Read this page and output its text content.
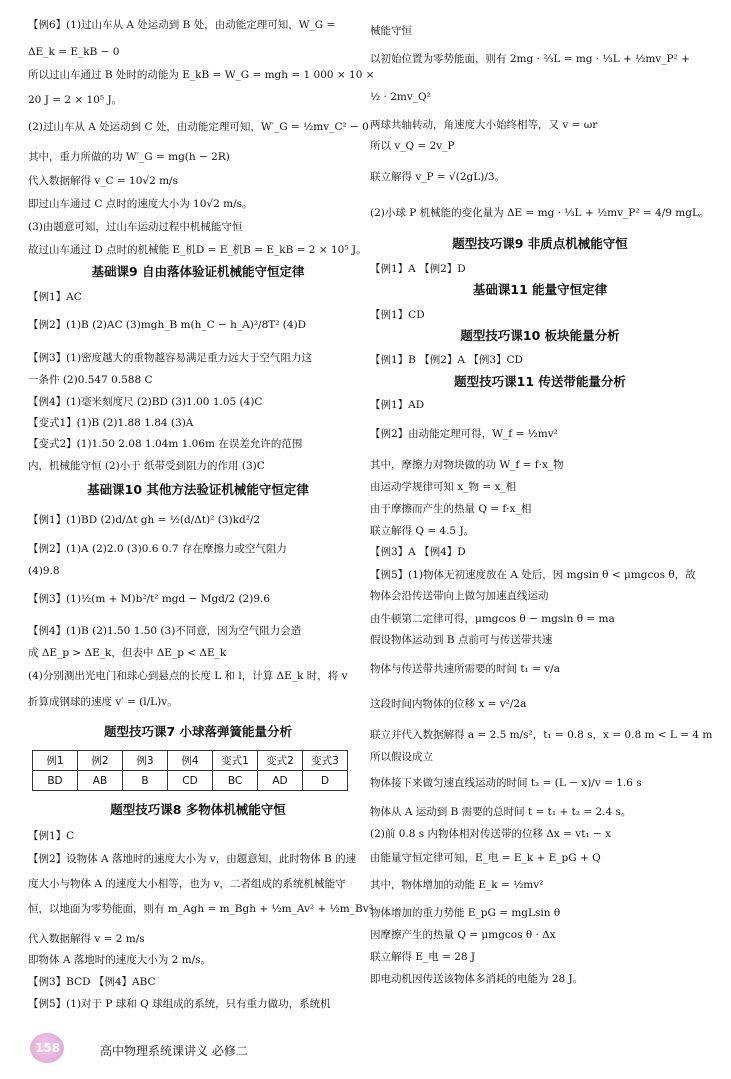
【例6】(1)过山车从 A 处运动到 B 处，由动能定理可知，W_G =
ΔE_k = E_kB − 0
所以过山车通过 B 处时的动能为 E_kB = W_G = mgh = 1 000 × 10 ×
20 J = 2 × 10⁵ J。
(2)过山车从 A 处运动到 C 处，由动能定理可知，W′_G = ½mv_C² − 0
其中，重力所做的功 W′_G = mg(h − 2R)
代入数据解得 v_C = 10√2 m/s
即过山车通过 C 点时的速度大小为 10√2 m/s。
(3)由题意可知，过山车运动过程中机械能守恒
故过山车通过 D 点时的机械能 E_机D = E_机B = E_kB = 2 × 10⁵ J。
基础课9 自由落体验证机械能守恒定律
【例1】AC
【例2】(1)B (2)AC (3)mgh_B m(h_C − h_A)²/8T² (4)D
【例3】(1)密度越大的重物越容易满足重力远大于空气阻力这
一条件 (2)0.547 0.588 C
【例4】(1)毫米刻度尺 (2)BD (3)1.00 1.05 (4)C
【变式1】(1)B (2)1.88 1.84 (3)A
【变式2】(1)1.50 2.08 1.04m 1.06m 在误差允许的范围
内，机械能守恒 (2)小于 纸带受到阻力的作用 (3)C
基础课10 其他方法验证机械能守恒定律
【例1】(1)BD (2)d/Δt gh = ½(d/Δt)² (3)kd²/2
【例2】(1)A (2)2.0 (3)0.6 0.7 存在摩擦力或空气阻力
(4)9.8
【例3】(1)½(m + M)b²/t² mgd − Mgd/2 (2)9.6
【例4】(1)B (2)1.50 1.50 (3)不同意，因为空气阻力会造
成 ΔE_p > ΔE_k，但表中 ΔE_p < ΔE_k
(4)分别测出光电门和球心到悬点的长度 L 和 l，计算 ΔE_k 时，将 v
折算成钢球的速度 v′ = (l/L)v。
题型技巧课7 小球落弹簧能量分析
例1	例2	例3	例4	变式1	变式2	变式3
BD	AB	B	CD	BC	AD	D
题型技巧课8 多物体机械能守恒
【例1】C
【例2】设物体 A 落地时的速度大小为 v，由题意知，此时物体 B 的速
度大小与物体 A 的速度大小相等，也为 v，二者组成的系统机械能守
恒，以地面为零势能面，则有 m_Agh = m_Bgh + ½m_Av² + ½m_Bv²
代入数据解得 v = 2 m/s
即物体 A 落地时的速度大小为 2 m/s。
【例3】BCD 【例4】ABC
【例5】(1)对于 P 球和 Q 球组成的系统，只有重力做功，系统机
械能守恒
以初始位置为零势能面，则有 2mg · ⅔L = mg · ⅓L + ½mv_P² +
½ · 2mv_Q²
两球共轴转动，角速度大小始终相等，又 v = ωr
所以 v_Q = 2v_P
联立解得 v_P = √(2gL)/3。
(2)小球 P 机械能的变化量为 ΔE = mg · ⅓L + ½mv_P² = 4/9 mgL。
题型技巧课9 非质点机械能守恒
【例1】A 【例2】D
基础课11 能量守恒定律
【例1】CD
题型技巧课10 板块能量分析
【例1】B 【例2】A 【例3】CD
题型技巧课11 传送带能量分析
【例1】AD
【例2】由动能定理可得，W_f = ½mv²
其中，摩擦力对物块做的功 W_f = f·x_物
由运动学规律可知 x_物 = x_相
由于摩擦而产生的热量 Q = f·x_相
联立解得 Q = 4.5 J。
【例3】A 【例4】D
【例5】(1)物体无初速度放在 A 处后，因 mgsin θ < μmgcos θ，故
物体会沿传送带向上做匀加速直线运动
由牛顿第二定律可得，μmgcos θ − mgsin θ = ma
假设物体运动到 B 点前可与传送带共速
物体与传送带共速所需要的时间 t₁ = v/a
这段时间内物体的位移 x = v²/2a
联立并代入数据解得 a = 2.5 m/s²，t₁ = 0.8 s，x = 0.8 m < L = 4 m
所以假设成立
物体接下来做匀速直线运动的时间 t₂ = (L − x)/v = 1.6 s
物体从 A 运动到 B 需要的总时间 t = t₁ + t₂ = 2.4 s。
(2)前 0.8 s 内物体相对传送带的位移 Δx = vt₁ − x
由能量守恒定律可知，E_电 = E_k + E_pG + Q
其中，物体增加的动能 E_k = ½mv²
物体增加的重力势能 E_pG = mgLsin θ
因摩擦产生的热量 Q = μmgcos θ · Δx
联立解得 E_电 = 28 J
即电动机因传送该物体多消耗的电能为 28 J。
158	高中物理系统课讲义 必修二
